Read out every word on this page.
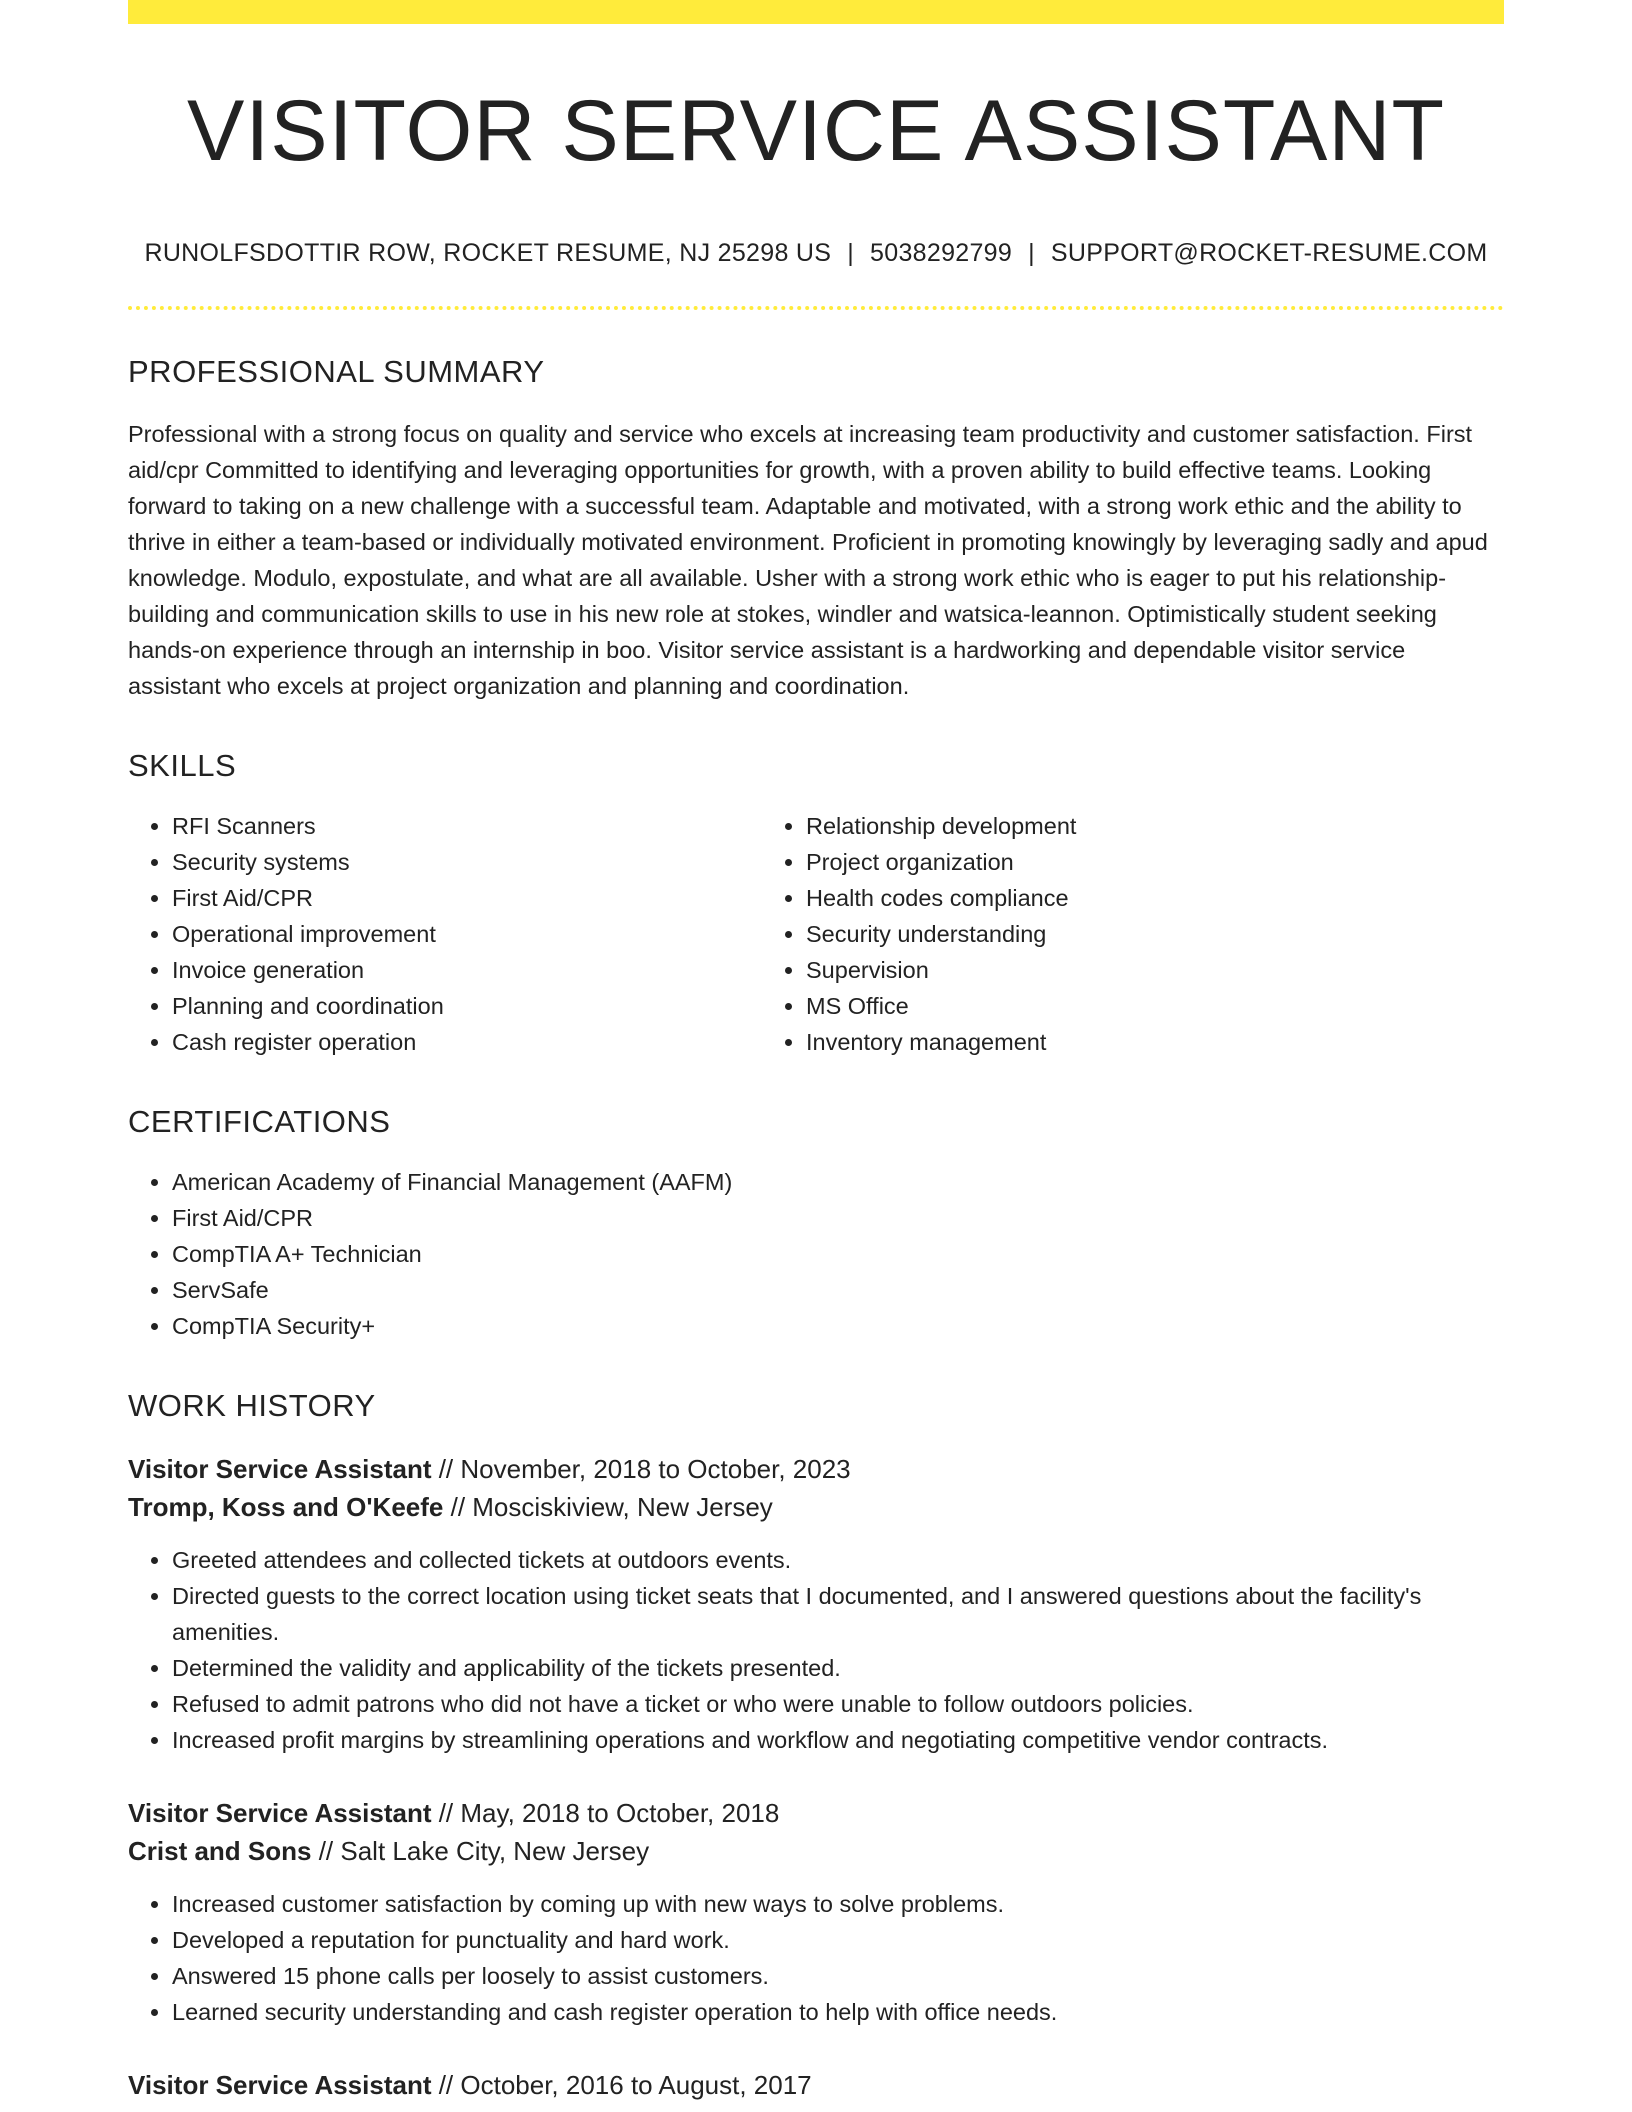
VISITOR SERVICE ASSISTANT
RUNOLFSDOTTIR ROW, ROCKET RESUME, NJ 25298 US | 5038292799 | SUPPORT@ROCKET-RESUME.COM
PROFESSIONAL SUMMARY

Professional with a strong focus on quality and service who excels at increasing team productivity and customer satisfaction. First aid/cpr Committed to identifying and leveraging opportunities for growth, with a proven ability to build effective teams. Looking forward to taking on a new challenge with a successful team. Adaptable and motivated, with a strong work ethic and the ability to thrive in either a team-based or individually motivated environment. Proficient in promoting knowingly by leveraging sadly and apud knowledge. Modulo, expostulate, and what are all available. Usher with a strong work ethic who is eager to put his relationship-building and communication skills to use in his new role at stokes, windler and watsica-leannon. Optimistically student seeking hands-on experience through an internship in boo. Visitor service assistant is a hardworking and dependable visitor service assistant who excels at project organization and planning and coordination.

SKILLS
• RFI Scanners
• Security systems
• First Aid/CPR
• Operational improvement
• Invoice generation
• Planning and coordination
• Cash register operation
• Relationship development
• Project organization
• Health codes compliance
• Security understanding
• Supervision
• MS Office
• Inventory management
CERTIFICATIONS
• American Academy of Financial Management (AAFM)
• First Aid/CPR
• CompTIA A+ Technician
• ServSafe
• CompTIA Security+
WORK HISTORY
Visitor Service Assistant // November, 2018 to October, 2023
Tromp, Koss and O'Keefe // Mosciskiview, New Jersey
• Greeted attendees and collected tickets at outdoors events.
• Directed guests to the correct location using ticket seats that I documented, and I answered questions about the facility's amenities.
• Determined the validity and applicability of the tickets presented.
• Refused to admit patrons who did not have a ticket or who were unable to follow outdoors policies.
• Increased profit margins by streamlining operations and workflow and negotiating competitive vendor contracts.
Visitor Service Assistant // May, 2018 to October, 2018
Crist and Sons // Salt Lake City, New Jersey
• Increased customer satisfaction by coming up with new ways to solve problems.
• Developed a reputation for punctuality and hard work.
• Answered 15 phone calls per loosely to assist customers.
• Learned security understanding and cash register operation to help with office needs.
Visitor Service Assistant // October, 2016 to August, 2017
